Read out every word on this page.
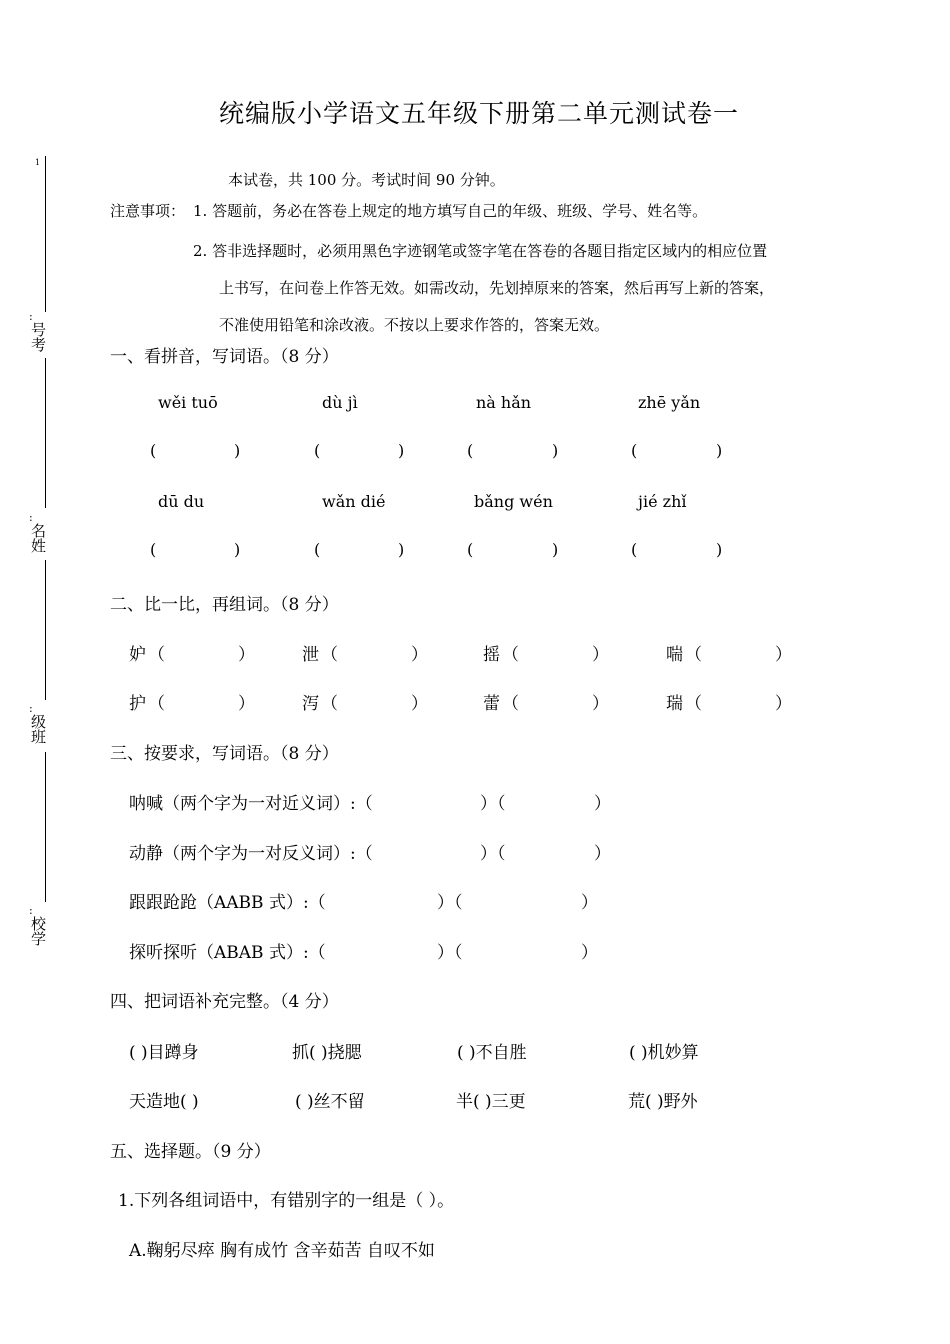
统编版小学语文五年级下册第二单元测试卷一
1
:
号考
:
名姓
:
级班
:
校学
本试卷，共 100 分。考试时间 90 分钟。
注意事项： 1. 答题前，务必在答卷上规定的地方填写自己的年级、班级、学号、姓名等。
2. 答非选择题时，必须用黑色字迹钢笔或签字笔在答卷的各题目指定区域内的相应位置
上书写，在问卷上作答无效。如需改动，先划掉原来的答案，然后再写上新的答案，
不准使用铅笔和涂改液。不按以上要求作答的，答案无效。
一、看拼音，写词语。（8 分）
wěi tuō	dù jì	nà hǎn	zhē yǎn
(	)	(	)	(	)	(	)
dū du	wǎn dié	bǎng wén	jié zhǐ
(	)	(	)	(	)	(	)
二、比一比，再组词。（8 分）
妒 （	）	泄 （	）	摇 （	）	喘 （	）
护 （	）	泻 （	）	蕾 （	）	瑞 （	）
三、按要求，写词语。（8 分）
呐喊（两个字为一对近义词）:（	）（	）
动静（两个字为一对反义词）:（	）（	）
跟跟跄跄（AABB 式）:（	）（	）
探听探听（ABAB 式）:（	）（	）
四、把词语补充完整。（4 分）
( )目蹲身	抓( )挠腮	( )不自胜	( )机妙算
天造地( )	( )丝不留	半( )三更	荒( )野外
五、选择题。（9 分）
1.下列各组词语中，有错别字的一组是（ ）。
A.鞠躬尽瘁 胸有成竹 含辛茹苦 自叹不如
